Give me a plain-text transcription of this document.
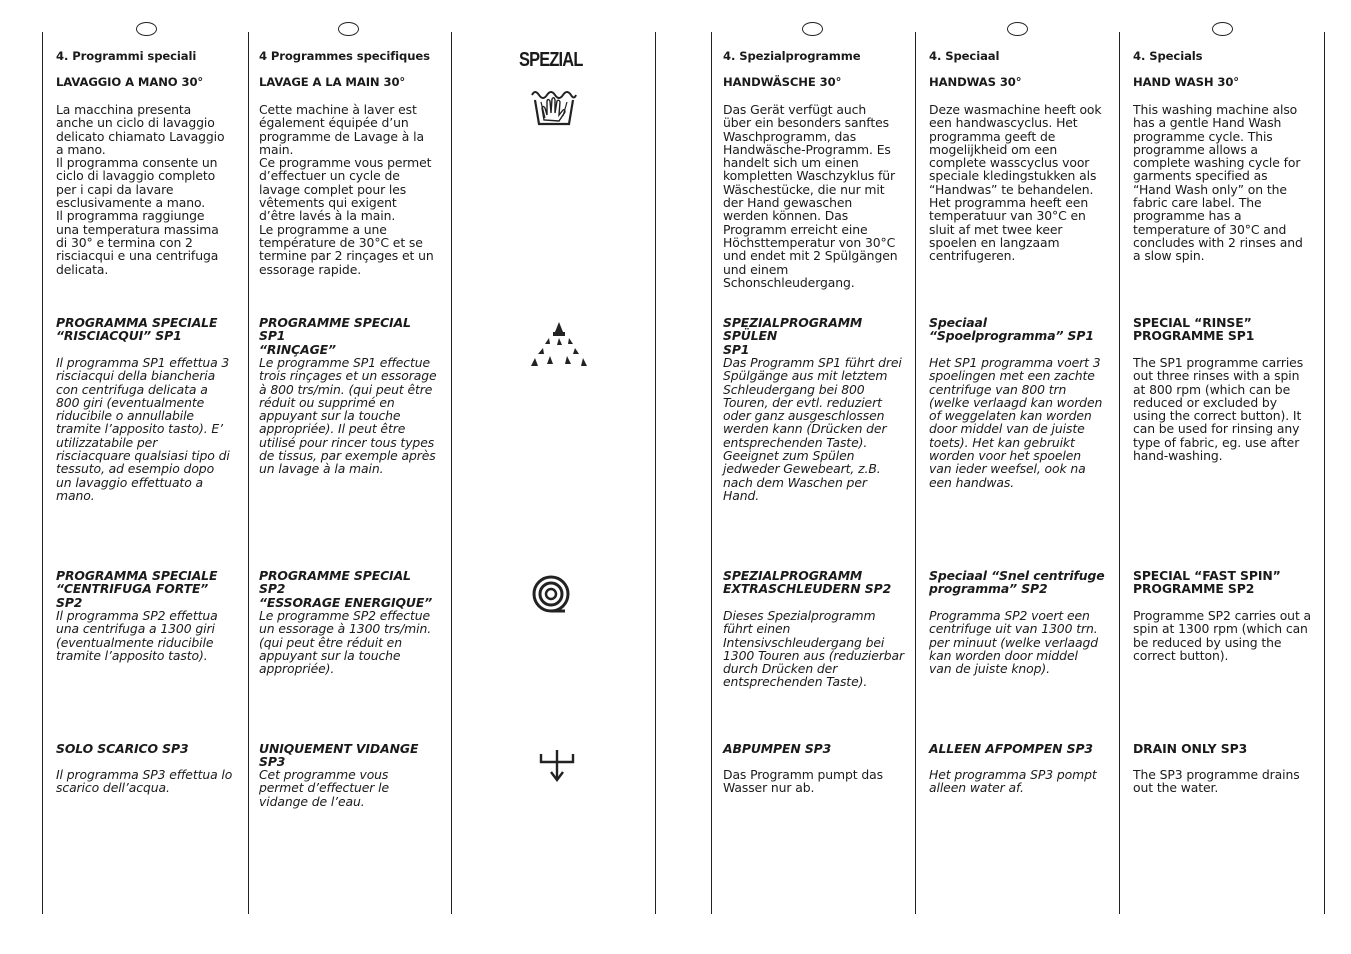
SPEZIAL
4. Programmi speciali
LAVAGGIO A MANO 30°
La macchina presenta
anche un ciclo di lavaggio
delicato chiamato Lavaggio
a mano.
Il programma consente un
ciclo di lavaggio completo
per i capi da lavare
esclusivamente a mano.
Il programma raggiunge
una temperatura massima
di 30° e termina con 2
risciacqui e una centrifuga
delicata.
PROGRAMMA SPECIALE
“RISCIACQUI” SP1
Il programma SP1 effettua 3
risciacqui della biancheria
con centrifuga delicata a
800 giri (eventualmente
riducibile o annullabile
tramite l’apposito tasto). E’
utilizzatabile per
risciacquare qualsiasi tipo di
tessuto, ad esempio dopo
un lavaggio effettuato a
mano.
PROGRAMMA SPECIALE
“CENTRIFUGA FORTE” SP2
Il programma SP2 effettua
una centrifuga a 1300 giri
(eventualmente riducibile
tramite l’apposito tasto).
SOLO SCARICO SP3
Il programma SP3 effettua lo
scarico dell’acqua.
4 Programmes specifiques
LAVAGE A LA MAIN 30°
Cette machine à laver est
également équipée d’un
programme de Lavage à la
main.
Ce programme vous permet
d’effectuer un cycle de
lavage complet pour les
vêtements qui exigent
d’être lavés à la main.
Le programme a une
température de 30°C et se
termine par 2 rinçages et un
essorage rapide.
PROGRAMME SPECIAL SP1
“RINÇAGE”
Le programme SP1 effectue
trois rinçages et un essorage
à 800 trs/min. (qui peut être
réduit ou supprimé en
appuyant sur la touche
appropriée). Il peut être
utilisé pour rincer tous types
de tissus, par exemple après
un lavage à la main.
PROGRAMME SPECIAL SP2
“ESSORAGE ENERGIQUE”
Le programme SP2 effectue
un essorage à 1300 trs/min.
(qui peut être réduit en
appuyant sur la touche
appropriée).
UNIQUEMENT VIDANGE SP3
Cet programme vous
permet d’effectuer le
vidange de l’eau.
4. Spezialprogramme
HANDWÄSCHE 30°
Das Gerät verfügt auch
über ein besonders sanftes
Waschprogramm, das
Handwäsche-Programm. Es
handelt sich um einen
kompletten Waschzyklus für
Wäschestücke, die nur mit
der Hand gewaschen
werden können. Das
Programm erreicht eine
Höchsttemperatur von 30°C
und endet mit 2 Spülgängen
und einem
Schonschleudergang.
SPEZIALPROGRAMM SPÜLEN
SP1
Das Programm SP1 führt drei
Spülgänge aus mit letztem
Schleudergang bei 800
Touren, der evtl. reduziert
oder ganz ausgeschlossen
werden kann (Drücken der
entsprechenden Taste).
Geeignet zum Spülen
jedweder Gewebeart, z.B.
nach dem Waschen per
Hand.
SPEZIALPROGRAMM
EXTRASCHLEUDERN SP2
Dieses Spezialprogramm
führt einen
Intensivschleudergang bei
1300 Touren aus (reduzierbar
durch Drücken der
entsprechenden Taste).
ABPUMPEN SP3
Das Programm pumpt das
Wasser nur ab.
4. Speciaal
HANDWAS 30°
Deze wasmachine heeft ook
een handwascyclus. Het
programma geeft de
mogelijkheid om een
complete wasscyclus voor
speciale kledingstukken als
“Handwas” te behandelen.
Het programma heeft een
temperatuur van 30°C en
sluit af met twee keer
spoelen en langzaam
centrifugeren.
Speciaal
“Spoelprogramma” SP1
Het SP1 programma voert 3
spoelingen met een zachte
centrifuge van 800 trn
(welke verlaagd kan worden
of weggelaten kan worden
door middel van de juiste
toets). Het kan gebruikt
worden voor het spoelen
van ieder weefsel, ook na
een handwas.
Speciaal “Snel centrifuge
programma” SP2
Programma SP2 voert een
centrifuge uit van 1300 trn.
per minuut (welke verlaagd
kan worden door middel
van de juiste knop).
ALLEEN AFPOMPEN SP3
Het programma SP3 pompt
alleen water af.
4. Specials
HAND WASH 30°
This washing machine also
has a gentle Hand Wash
programme cycle. This
programme allows a
complete washing cycle for
garments specified as
“Hand Wash only” on the
fabric care label. The
programme has a
temperature of 30°C and
concludes with 2 rinses and
a slow spin.
SPECIAL “RINSE”
PROGRAMME SP1
The SP1 programme carries
out three rinses with a spin
at 800 rpm (which can be
reduced or excluded by
using the correct button). It
can be used for rinsing any
type of fabric, eg. use after
hand-washing.
SPECIAL “FAST SPIN”
PROGRAMME SP2
Programme SP2 carries out a
spin at 1300 rpm (which can
be reduced by using the
correct button).
DRAIN ONLY SP3
The SP3 programme drains
out the water.
